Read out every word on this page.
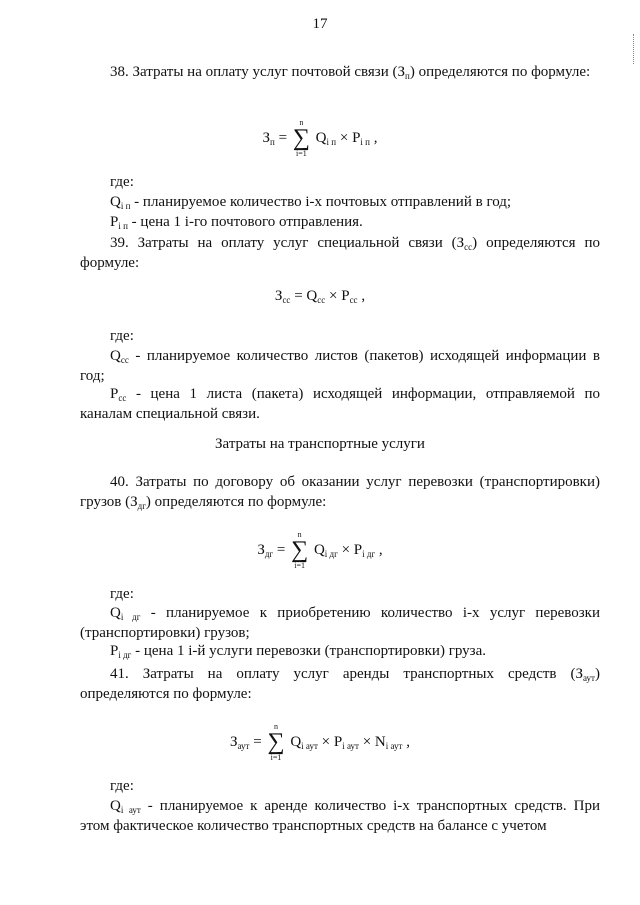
17
38. Затраты на оплату услуг почтовой связи $(З_п)$ определяются по формуле:
$З_п$ =
n
∑
i=1
$Q_{i п} \times P_{i п}$ ,
где:
$Q_{i п}$ - планируемое количество i-х почтовых отправлений в год;
$P_{i п}$ - цена 1 i-го почтового отправления.
39. Затраты на оплату услуг специальной связи $(З_{сс})$ определяются по формуле:
$З_{сс} = Q_{сс} \times P_{сс}$ ,
где:
$Q_{сс}$ - планируемое количество листов (пакетов) исходящей информации в год;
$P_{сс}$ - цена 1 листа (пакета) исходящей информации, отправляемой по каналам специальной связи.
Затраты на транспортные услуги
40. Затраты по договору об оказании услуг перевозки (транспортировки) грузов $(З_{дг})$ определяются по формуле:
$З_{дг}$ =
n
∑
i=1
$Q_{i дг} \times P_{i дг}$ ,
где:
$Q_{i дг}$ - планируемое к приобретению количество i-х услуг перевозки (транспортировки) грузов;
$P_{i дг}$ - цена 1 i-й услуги перевозки (транспортировки) груза.
41. Затраты на оплату услуг аренды транспортных средств $(З_{аут})$ определяются по формуле:
$З_{аут}$ =
n
∑
i=1
$Q_{i аут} \times P_{i аут} \times N_{i аут}$ ,
где:
$Q_{i аут}$ - планируемое к аренде количество i-х транспортных средств. При этом фактическое количество транспортных средств на балансе с учетом
